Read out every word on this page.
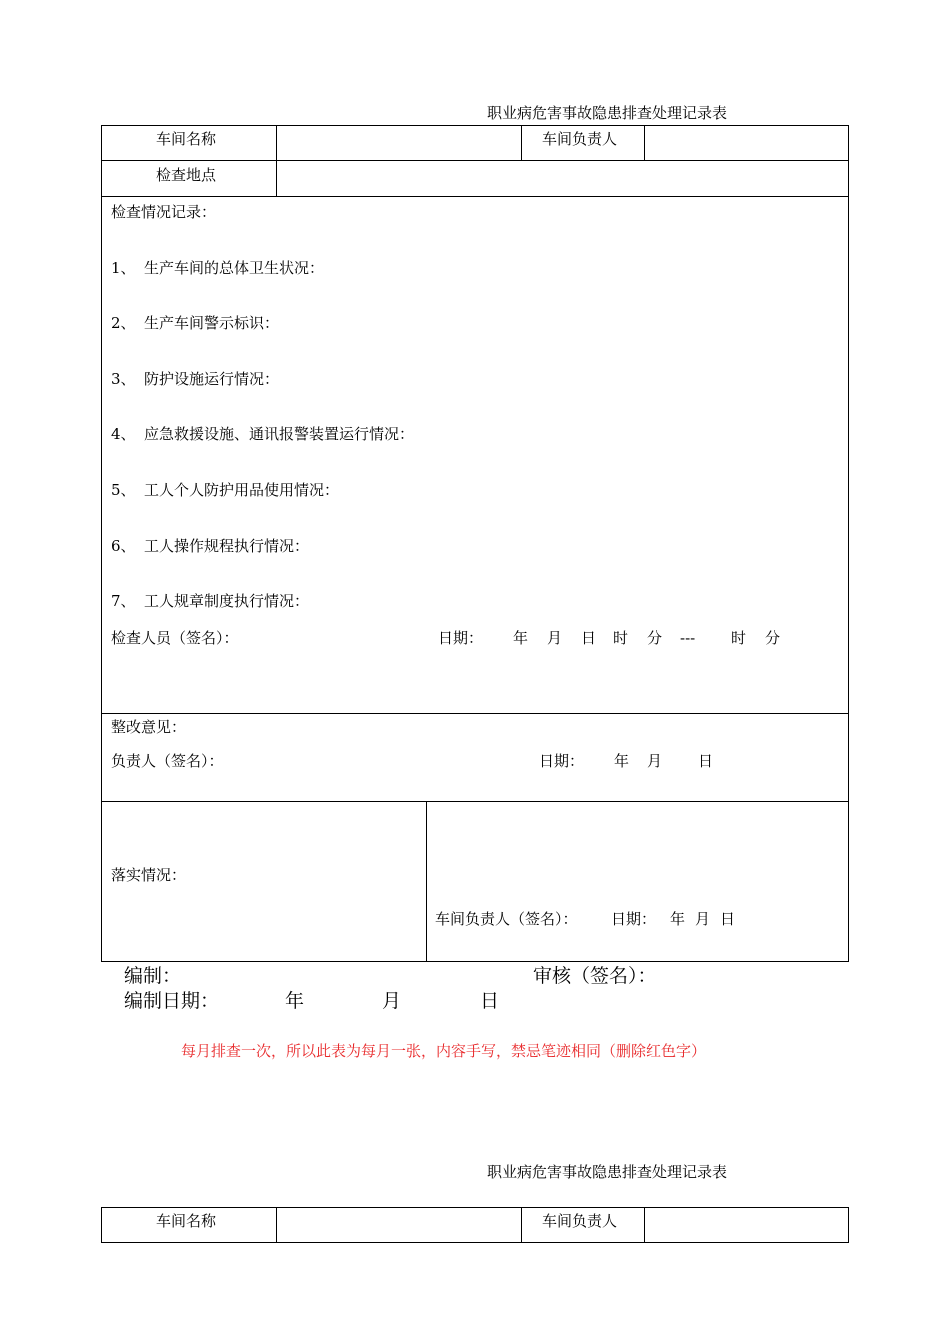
职业病危害事故隐患排查处理记录表
车间名称	车间负责人
检查地点
检查情况记录：
1、 生产车间的总体卫生状况：
2、 生产车间警示标识：
3、 防护设施运行情况：
4、 应急救援设施、通讯报警装置运行情况：
5、 工人个人防护用品使用情况：
6、 工人操作规程执行情况：
7、 工人规章制度执行情况：
检查人员（签名）：	日期： 年 月 日 时 分 --- 时 分
整改意见：
负责人（签名）：	日期： 年 月 日
落实情况：
车间负责人（签名）： 日期： 年 月 日
编制：	审核（签名）：
编制日期：	年	月	日
每月排查一次，所以此表为每月一张，内容手写，禁忌笔迹相同（删除红色字）
职业病危害事故隐患排查处理记录表
车间名称	车间负责人
